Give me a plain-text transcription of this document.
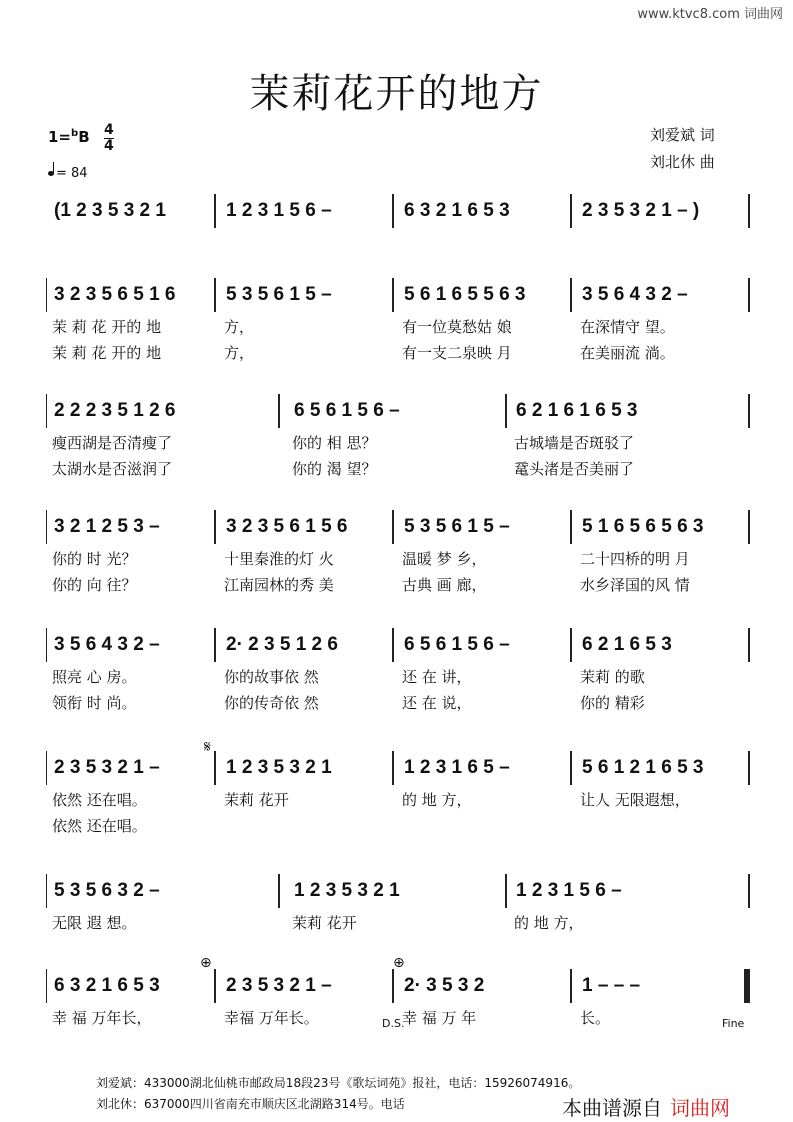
www.ktvc8.com 词曲网
茉莉花开的地方
刘爱斌 词
刘北休 曲
1=$^b$B 4
4
= 84
(1 2 3 5 3 2 1	1 2 3 1 5 6 –	6 3 2 1 6 5 3	2 3 5 3 2 1 – )
3 2 3 5 6 5 1 6	5 3 5 6 1 5 –	5 6 1 6 5 5 6 3	3 5 6 4 3 2 –
茉 莉 花 开的 地	方，	有一位莫愁姑 娘	在深情守 望。
茉 莉 花 开的 地	方，	有一支二泉映 月	在美丽流 淌。
2 2 2 3 5 1 2 6	6 5 6 1 5 6 –	6 2 1 6 1 6 5 3
瘦西湖是否清瘦了	你的 相 思？	古城墙是否斑驳了
太湖水是否滋润了	你的 渴 望？	鼋头渚是否美丽了
3 2 1 2 5 3 –	3 2 3 5 6 1 5 6	5 3 5 6 1 5 –	5 1 6 5 6 5 6 3
你的 时 光？	十里秦淮的灯 火	温暖 梦 乡，	二十四桥的明 月
你的 向 往？	江南园林的秀 美	古典 画 廊，	水乡泽国的风 情
3 5 6 4 3 2 –	2· 2 3 5 1 2 6	6 5 6 1 5 6 –	6 2 1 6 5 3
照亮 心 房。	你的故事依 然	还 在 讲，	茉莉 的歌
领衔 时 尚。	你的传奇依 然	还 在 说，	你的 精彩
2 3 5 3 2 1 –	1 2 3 5 3 2 1	1 2 3 1 6 5 –	5 6 1 2 1 6 5 3
依然 还在唱。	茉莉 花开	的 地 方，	让人 无限遐想，
依然 还在唱。
5 3 5 6 3 2 –	1 2 3 5 3 2 1	1 2 3 1 5 6 –
无限 遐 想。	茉莉 花开	的 地 方，
6 3 2 1 6 5 3	2 3 5 3 2 1 –	2· 3 5 3 2	1 – – –
幸 福 万年长，	幸福 万年长。	幸 福 万 年	长。
𝄋
⊕	⊕
D.S.	Fine
刘爱斌：433000湖北仙桃市邮政局18段23号《歌坛词苑》报社，电话：15926074916。
刘北休：637000四川省南充市顺庆区北湖路314号。电话	本曲谱源自 词曲网
